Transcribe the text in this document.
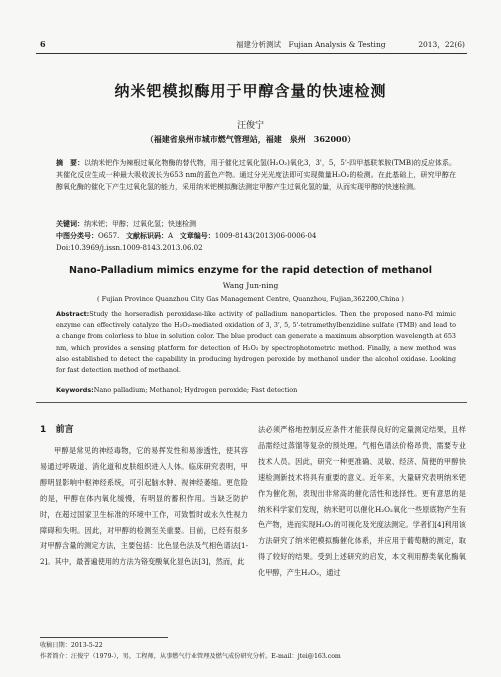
6	福建分析测试　Fujian Analysis & Testing	2013，22(6)
纳米钯模拟酶用于甲醇含量的快速检测
汪俊宁
（福建省泉州市城市燃气管理站，福建　泉州　362000）

摘　要：以纳米钯作为辣根过氧化物酶的替代物，用于催化过氧化氢(H₂O₂)氧化3，3'，5，5'-四甲基联苯胺(TMB)的反应体系。其催化反应生成一种最大吸收波长为653 nm的蓝色产物。通过分光光度法即可实现微量H₂O₂的检测。在此基础上，研究甲醇在醇氧化酶的催化下产生过氧化氢的能力，采用纳米钯模拟酶法测定甲醇产生过氧化氢的量，从而实现甲醇的快速检测。

关键词：纳米钯；甲醇；过氧化氢；快速检测
中图分类号：O657. 文献标识码：A 文章编号：1009-8143(2013)06-0006-04
Doi:10.3969/j.issn.1009-8143.2013.06.02
Nano-Palladium mimics enzyme for the rapid detection of methanol
Wang Jun-ning
( Fujian Province Quanzhou City Gas Management Centre, Quanzhou, Fujian,362200,China )

Abstract:Study the horseradish peroxidase-like activity of palladium nanoparticles. Then the proposed nano-Pd mimic enzyme can effectively catalyze the H₂O₂-mediated oxidation of 3, 3', 5, 5'-tetramethylbenzidine sulfate (TMB) and lead to a change from colorless to blue in solution color. The blue product can generate a maximum absorption wavelength at 653 nm, which provides a sensing platform for detection of H₂O₂ by spectrophotometric method. Finally, a new method was also established to detect the capability in producing hydrogen peroxide by methanol under the alcohol oxidase. Looking for fast detection method of methanol.

Keywords:Nano palladium; Methanol; Hydrogen peroxide; Fast detection
1 前言

甲醇是常见的神经毒物，它的易挥发性和易渗透性，使其容易通过呼吸道、消化道和皮肤组织进入人体。临床研究表明，甲醇明显影响中枢神经系统，可引起脑水肿、视神经萎缩。更危险的是，甲醇在体内氧化缓慢，有明显的蓄积作用。当缺乏防护时，在超过国家卫生标准的环境中工作，可致暂时或永久性视力障碍和失明。因此，对甲醇的检测至关重要。目前，已经有很多对甲醇含量的测定方法，主要包括：比色显色法及气相色谱法[1-2]。其中，最普遍使用的方法为铬变酸氧化显色法[3]，然而，此

法必须严格地控制反应条件才能获得良好的定量测定结果，且样品需经过蒸馏等复杂的预处理。气相色谱法价格昂贵，需要专业技术人员。因此，研究一种更准确、灵敏、经济、简便的甲醇快速检测新技术将具有重要的意义。近年来，大量研究表明纳米钯作为催化剂，表现出非常高的催化活性和选择性。更有意思的是纳米科学家们发现，纳米钯可以催化H₂O₂氧化一些原底物产生有色产物，进而实现H₂O₂的可视化及光度法测定。学者们[4]利用该方法研究了纳米钯模拟酶催化体系，并应用于葡萄糖的测定，取得了较好的结果。受到上述研究的启发，本文利用醇类氧化酶氧化甲醇，产生H₂O₂，通过

收稿日期：2013-5-22
作者简介：汪俊宁（1979-），男，工程师，从事燃气行业管理及燃气成份研究分析。E-mail：jtei@163.com
